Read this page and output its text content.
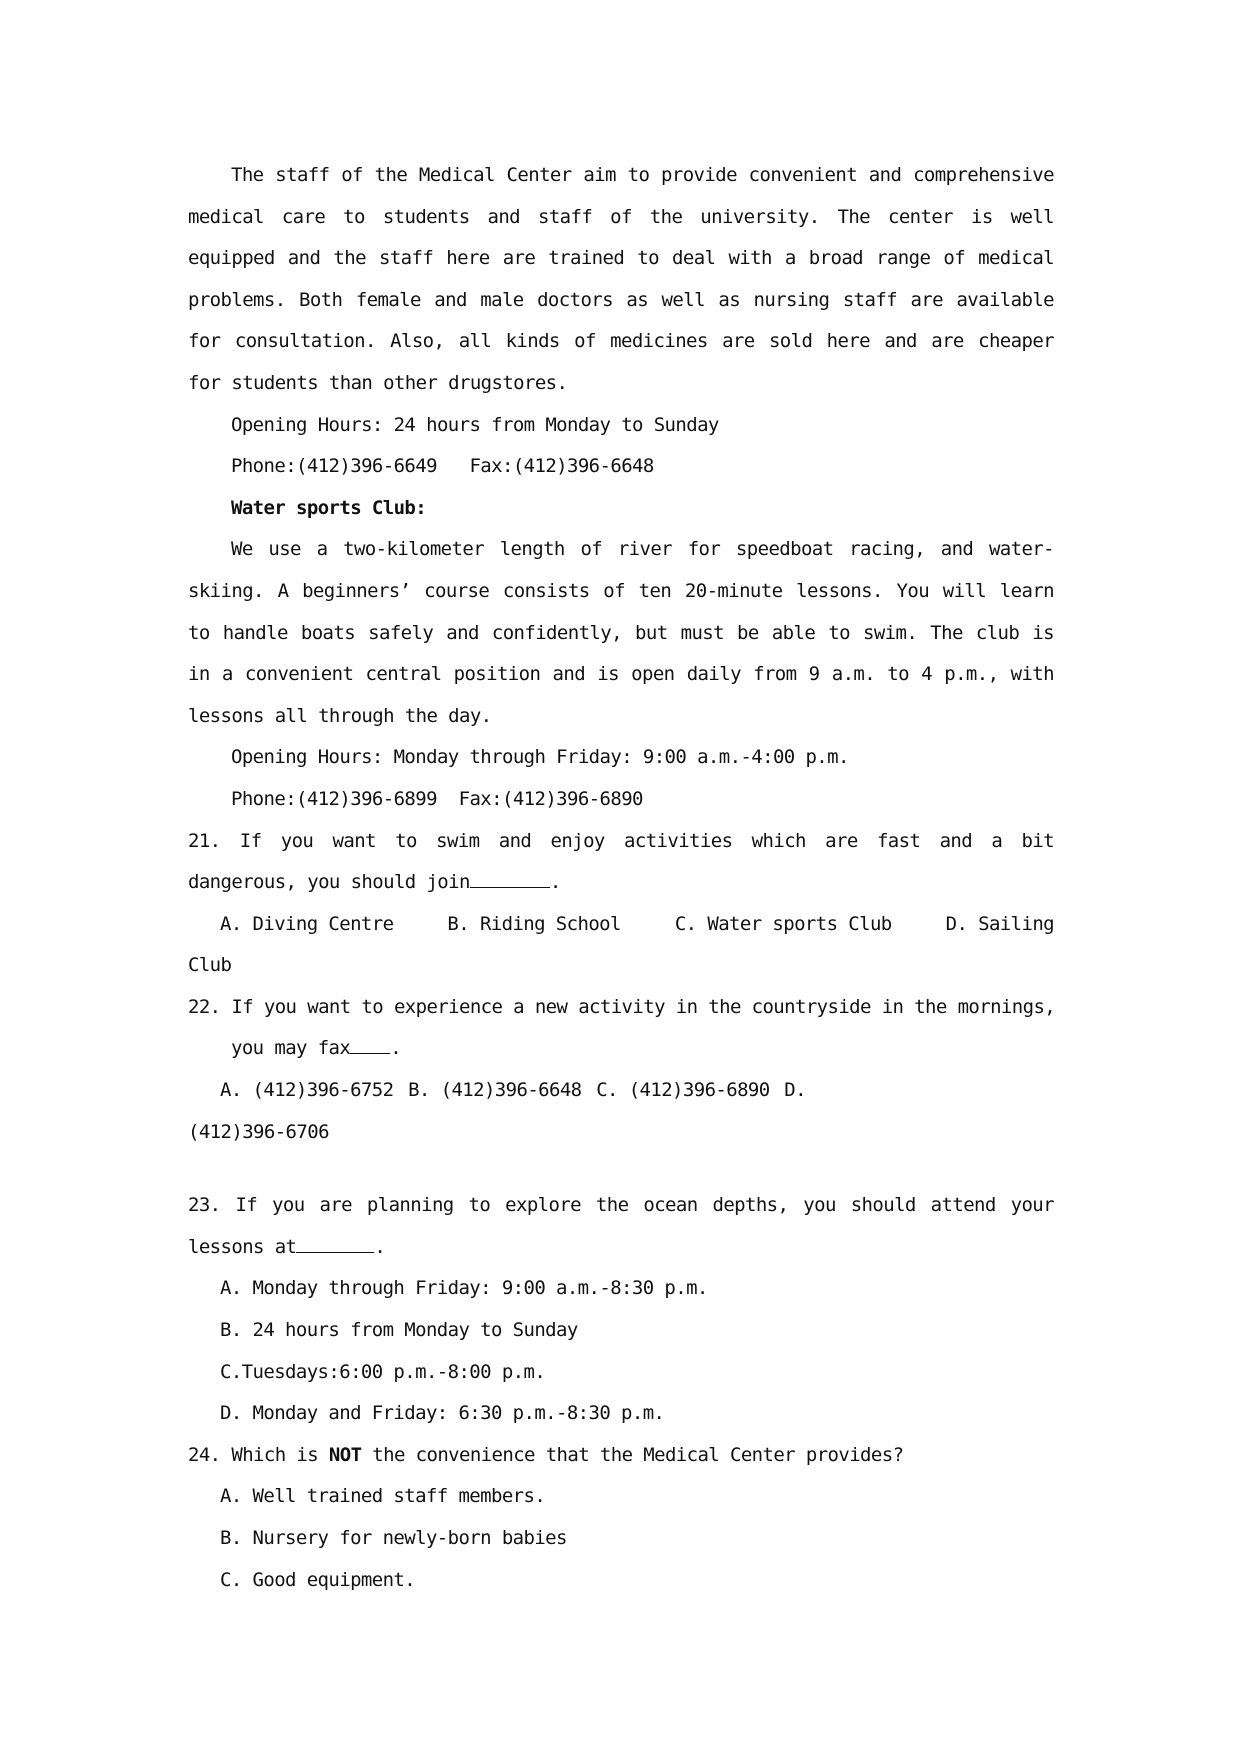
The staff of the Medical Center aim to provide convenient and comprehensive medical care to students and staff of the university. The center is well equipped and the staff here are trained to deal with a broad range of medical problems. Both female and male doctors as well as nursing staff are available for consultation. Also, all kinds of medicines are sold here and are cheaper for students than other drugstores.
Opening Hours: 24 hours from Monday to Sunday
Phone:(412)396-6649   Fax:(412)396-6648
Water sports Club:
We use a two-kilometer length of river for speedboat racing, and water-skiing. A beginners’ course consists of ten 20-minute lessons. You will learn to handle boats safely and confidently, but must be able to swim. The club is in a convenient central position and is open daily from 9 a.m. to 4 p.m., with lessons all through the day.
Opening Hours: Monday through Friday: 9:00 a.m.-4:00 p.m.
Phone:(412)396-6899  Fax:(412)396-6890
21. If you want to swim and enjoy activities which are fast and a bit dangerous, you should join	.
A. Diving Centre	B. Riding School	C. Water sports Club	D. Sailing
Club
22. If you want to experience a new activity in the countryside in the mornings,
you may fax .
A. (412)396-6752 B. (412)396-6648 C. (412)396-6890 D.
(412)396-6706
23. If you are planning to explore the ocean depths, you should attend your lessons at	.
A. Monday through Friday: 9:00 a.m.-8:30 p.m.
B. 24 hours from Monday to Sunday
C.Tuesdays:6:00 p.m.-8:00 p.m.
D. Monday and Friday: 6:30 p.m.-8:30 p.m.
24. Which is NOT the convenience that the Medical Center provides?
A. Well trained staff members.
B. Nursery for newly-born babies
C. Good equipment.
